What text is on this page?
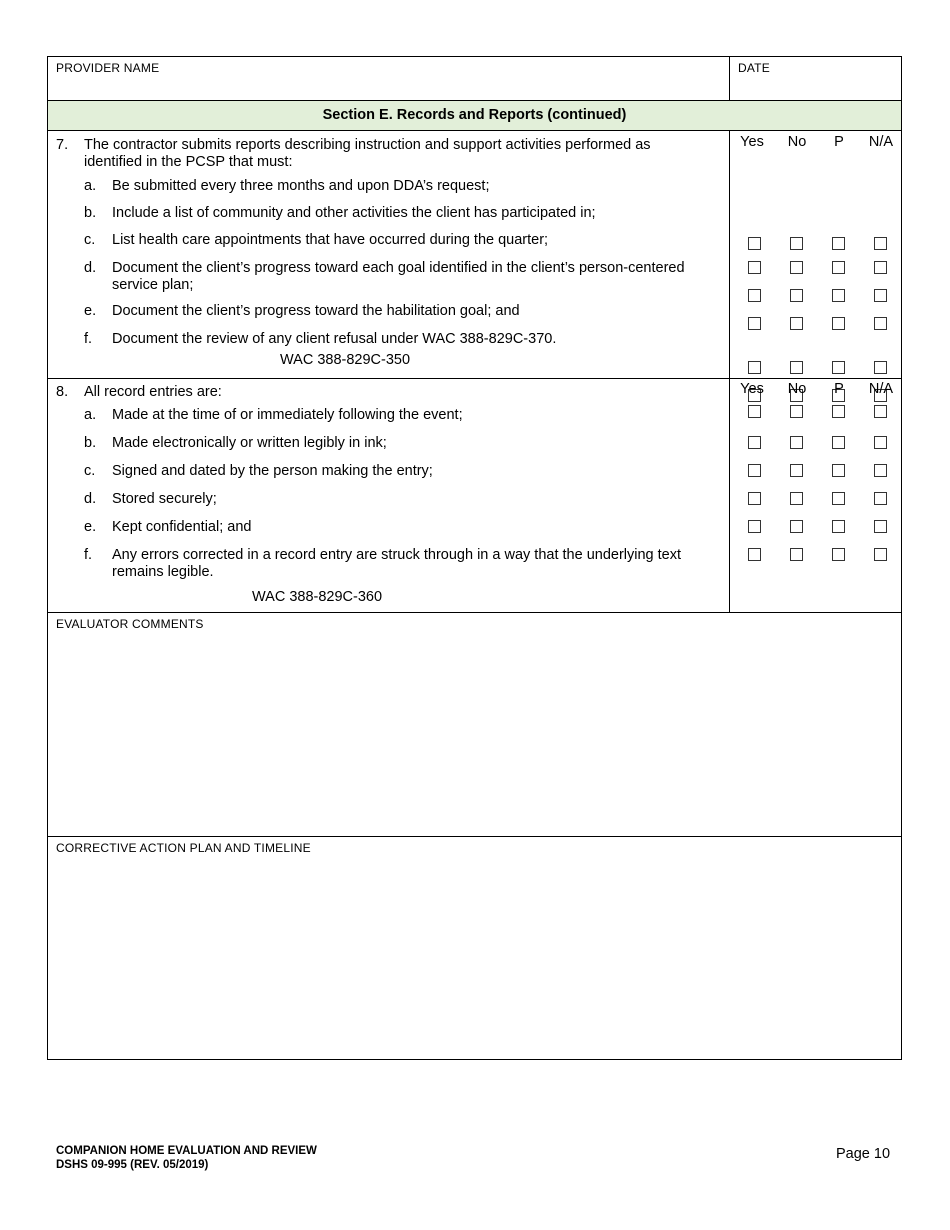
PROVIDER NAME	DATE
Section E. Records and Reports (continued)
7. The contractor submits reports describing instruction and support activities performed as identified in the PCSP that must:
a. Be submitted every three months and upon DDA’s request;
b. Include a list of community and other activities the client has participated in;
c. List health care appointments that have occurred during the quarter;
d. Document the client’s progress toward each goal identified in the client’s person-centered service plan;
e. Document the client’s progress toward the habilitation goal; and
f. Document the review of any client refusal under WAC 388-829C-370.
WAC 388-829C-350
Yes	No	P	N/A
8. All record entries are:
a. Made at the time of or immediately following the event;
b. Made electronically or written legibly in ink;
c. Signed and dated by the person making the entry;
d. Stored securely;
e. Kept confidential; and
f. Any errors corrected in a record entry are struck through in a way that the underlying text remains legible.
WAC 388-829C-360
Yes	No	P	N/A
EVALUATOR COMMENTS
CORRECTIVE ACTION PLAN AND TIMELINE
COMPANION HOME EVALUATION AND REVIEW
DSHS 09-995 (REV. 05/2019)
Page 10
